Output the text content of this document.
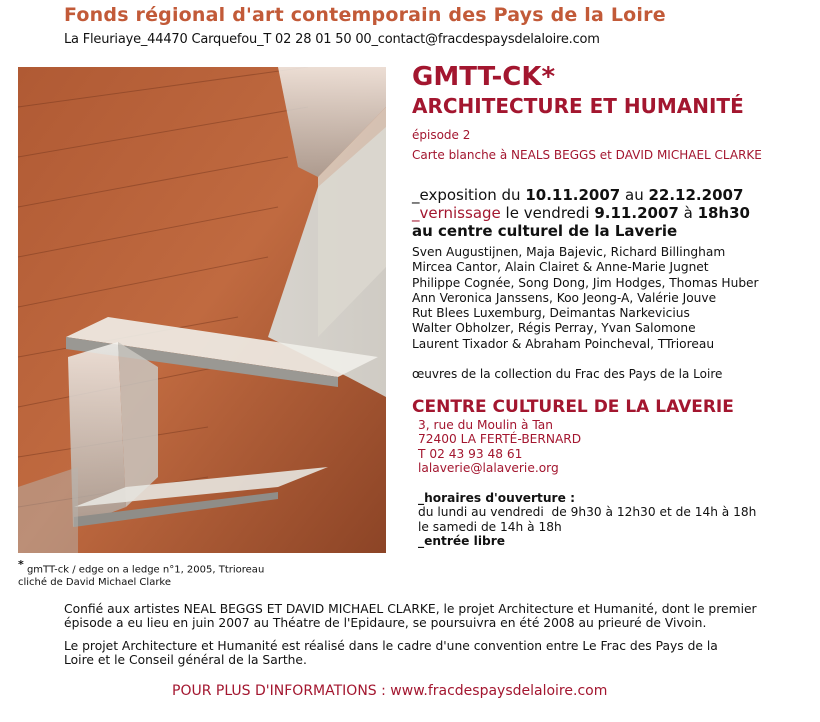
Fonds régional d'art contemporain des Pays de la Loire
La Fleuriaye_44470 Carquefou_T 02 28 01 50 00_contact@fracdespaysdelaloire.com
* gmTT-ck / edge on a ledge n°1, 2005, Ttrioreau
cliché de David Michael Clarke
GMTT-CK*
ARCHITECTURE ET HUMANITÉ
épisode 2
Carte blanche à NEALS BEGGS et DAVID MICHAEL CLARKE
_exposition du 10.11.2007 au 22.12.2007
_vernissage le vendredi 9.11.2007 à 18h30
au centre culturel de la Laverie
Sven Augustijnen, Maja Bajevic, Richard Billingham
Mircea Cantor, Alain Clairet & Anne-Marie Jugnet
Philippe Cognée, Song Dong, Jim Hodges, Thomas Huber
Ann Veronica Janssens, Koo Jeong-A, Valérie Jouve
Rut Blees Luxemburg, Deimantas Narkevicius
Walter Obholzer, Régis Perray, Yvan Salomone
Laurent Tixador & Abraham Poincheval, TTrioreau
œuvres de la collection du Frac des Pays de la Loire
CENTRE CULTUREL DE LA LAVERIE
3, rue du Moulin à Tan
72400 LA FERTÉ-BERNARD
T 02 43 93 48 61
lalaverie@lalaverie.org
_horaires d'ouverture :
du lundi au vendredi  de 9h30 à 12h30 et de 14h à 18h
le samedi de 14h à 18h
_entrée libre
Confié aux artistes NEAL BEGGS ET DAVID MICHAEL CLARKE, le projet Architecture et Humanité, dont le premier
épisode a eu lieu en juin 2007 au Théatre de l'Epidaure, se poursuivra en été 2008 au prieuré de Vivoin.
Le projet Architecture et Humanité est réalisé dans le cadre d'une convention entre Le Frac des Pays de la
Loire et le Conseil général de la Sarthe.
POUR PLUS D'INFORMATIONS : www.fracdespaysdelaloire.com
